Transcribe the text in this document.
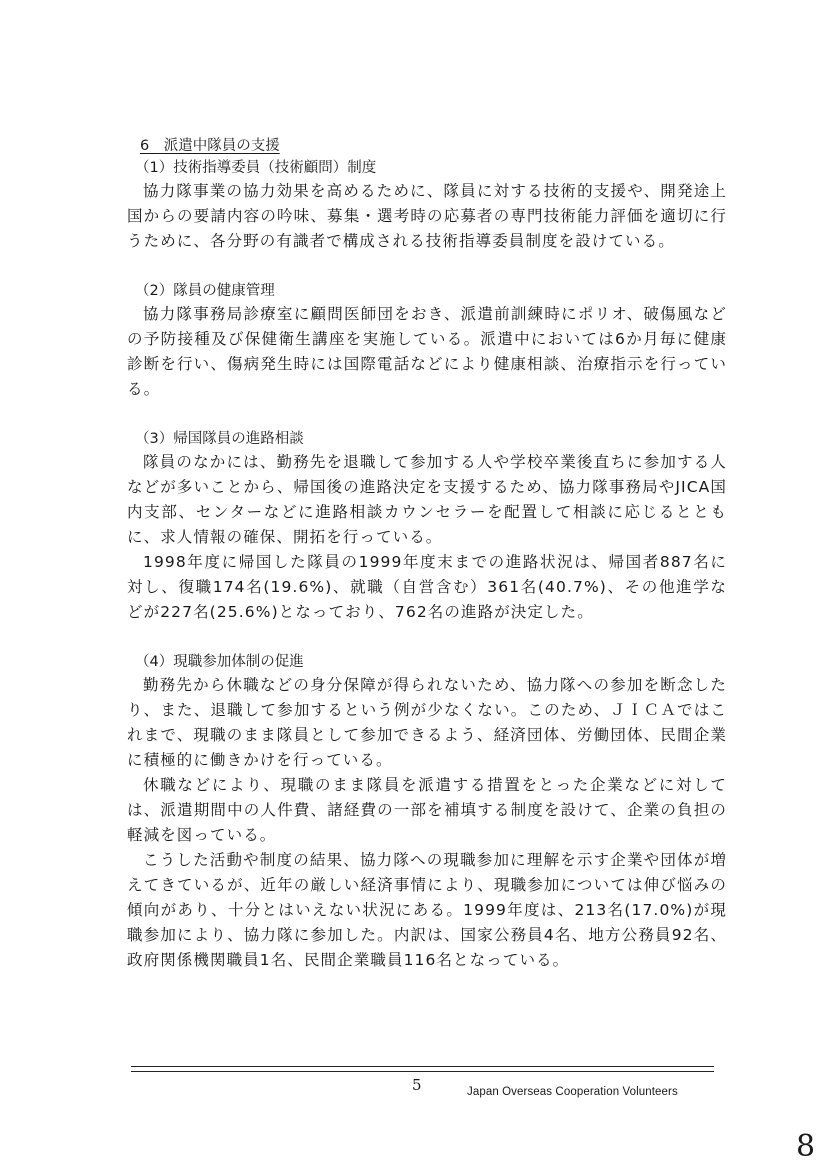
6　派遣中隊員の支援
（1）技術指導委員（技術顧問）制度

協力隊事業の協力効果を高めるために、隊員に対する技術的支援や、開発途上国からの要請内容の吟味、募集・選考時の応募者の専門技術能力評価を適切に行うために、各分野の有識者で構成される技術指導委員制度を設けている。

（2）隊員の健康管理

協力隊事務局診療室に顧問医師団をおき、派遣前訓練時にポリオ、破傷風などの予防接種及び保健衛生講座を実施している。派遣中においては6か月毎に健康診断を行い、傷病発生時には国際電話などにより健康相談、治療指示を行っている。

（3）帰国隊員の進路相談

隊員のなかには、勤務先を退職して参加する人や学校卒業後直ちに参加する人などが多いことから、帰国後の進路決定を支援するため、協力隊事務局やJICA国内支部、センターなどに進路相談カウンセラーを配置して相談に応じるとともに、求人情報の確保、開拓を行っている。

1998年度に帰国した隊員の1999年度末までの進路状況は、帰国者887名に対し、復職174名(19.6%)、就職（自営含む）361名(40.7%)、その他進学などが227名(25.6%)となっており、762名の進路が決定した。

（4）現職参加体制の促進

勤務先から休職などの身分保障が得られないため、協力隊への参加を断念したり、また、退職して参加するという例が少なくない。このため、ＪＩＣＡではこれまで、現職のまま隊員として参加できるよう、経済団体、労働団体、民間企業に積極的に働きかけを行っている。

休職などにより、現職のまま隊員を派遣する措置をとった企業などに対しては、派遣期間中の人件費、諸経費の一部を補填する制度を設けて、企業の負担の軽減を図っている。

こうした活動や制度の結果、協力隊への現職参加に理解を示す企業や団体が増えてきているが、近年の厳しい経済事情により、現職参加については伸び悩みの傾向があり、十分とはいえない状況にある。1999年度は、213名(17.0%)が現職参加により、協力隊に参加した。内訳は、国家公務員4名、地方公務員92名、政府関係機関職員1名、民間企業職員116名となっている。

5	Japan Overseas Cooperation Volunteers
8
